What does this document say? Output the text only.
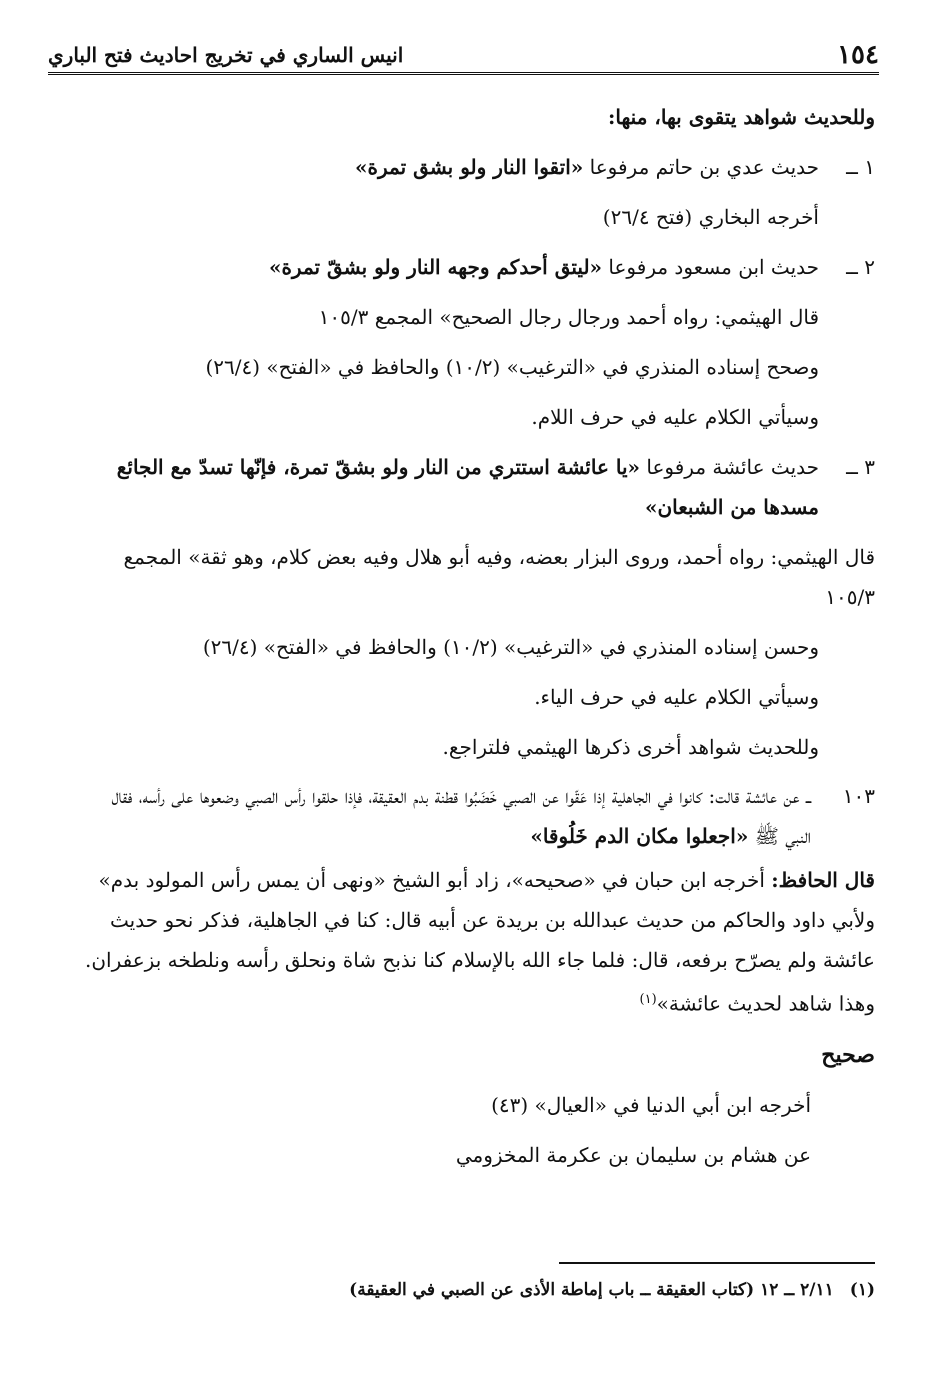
١٥٤
انيس الساري في تخريج احاديث فتح الباري

وللحديث شواهد يتقوى بها، منها:

١ ــ
حديث عدي بن حاتم مرفوعا «اتقوا النار ولو بشق تمرة»

أخرجه البخاري (فتح ٢٦/٤)

٢ ــ
حديث ابن مسعود مرفوعا «ليتق أحدكم وجهه النار ولو بشقّ تمرة»

قال الهيثمي: رواه أحمد ورجال رجال الصحيح» المجمع ١٠٥/٣

وصحح إسناده المنذري في «الترغيب» (١٠/٢) والحافظ في «الفتح» (٢٦/٤)

وسيأتي الكلام عليه في حرف اللام.

٣ ــ
حديث عائشة مرفوعا «يا عائشة استتري من النار ولو بشقّ تمرة، فإنّها تسدّ مع الجائع مسدها من الشبعان»

قال الهيثمي: رواه أحمد، وروى البزار بعضه، وفيه أبو هلال وفيه بعض كلام، وهو ثقة» المجمع ١٠٥/٣

وحسن إسناده المنذري في «الترغيب» (١٠/٢) والحافظ في «الفتح» (٢٦/٤)

وسيأتي الكلام عليه في حرف الياء.

وللحديث شواهد أخرى ذكرها الهيثمي فلتراجع.

١٠٣
ــ عن عائشة قالت: كانوا في الجاهلية إذا عَقّوا عن الصبي خَضَبُوا قطنة بدم العقيقة، فإذا حلقوا رأس الصبي وضعوها على رأسه، فقال النبي ﷺ «اجعلوا مكان الدم خَلُوقا»

قال الحافظ: أخرجه ابن حبان في «صحيحه»، زاد أبو الشيخ «ونهى أن يمس رأس المولود بدم» ولأبي داود والحاكم من حديث عبدالله بن بريدة عن أبيه قال: كنا في الجاهلية، فذكر نحو حديث عائشة ولم يصرّح برفعه، قال: فلما جاء الله بالإسلام كنا نذبح شاة ونحلق رأسه ونلطخه بزعفران. وهذا شاهد لحديث عائشة»$^{(١)}$

صحيح

أخرجه ابن أبي الدنيا في «العيال» (٤٣)

عن هشام بن سليمان بن عكرمة المخزومي

(١)٢/١١ ــ ١٢ (كتاب العقيقة ــ باب إماطة الأذى عن الصبي في العقيقة)
